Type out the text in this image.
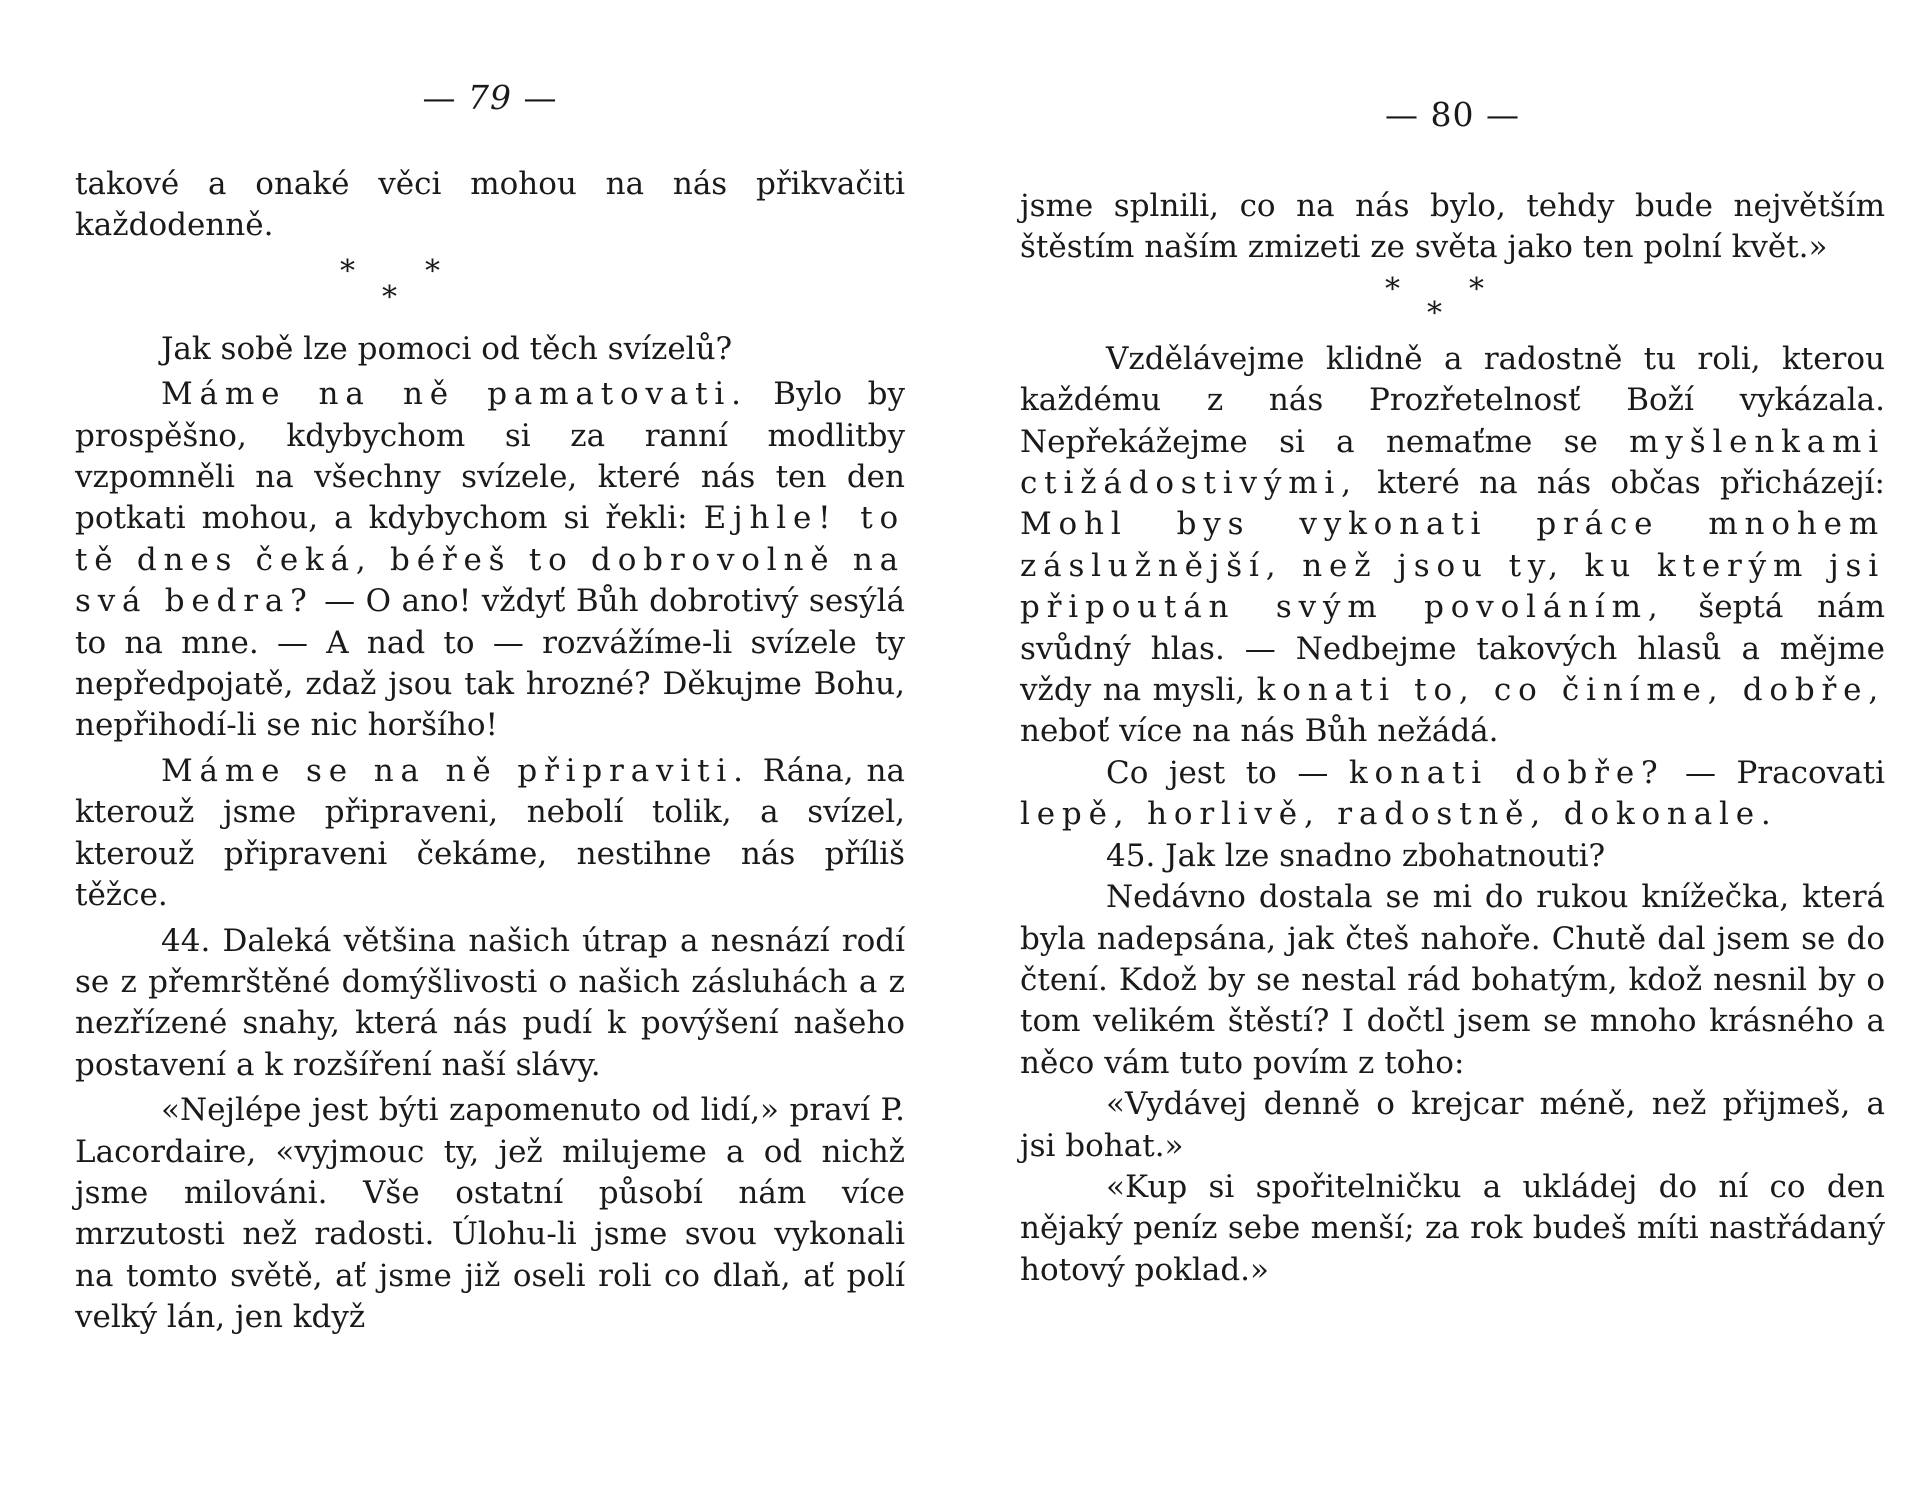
— 79 —

takové a onaké věci mohou na nás přikvačiti každodenně.

*
*
*

Jak sobě lze pomoci od těch svízelů?

Máme na ně pamatovati. Bylo by prospěšno, kdybychom si za ranní modlitby vzpomněli na všechny svízele, které nás ten den potkati mohou, a kdybychom si řekli: Ejhle! to tě dnes čeká, béřeš to dobrovolně na svá bedra? — O ano! vždyť Bůh dobrotivý sesýlá to na mne. — A nad to — rozvážíme-li svízele ty nepředpojatě, zdaž jsou tak hrozné? Děkujme Bohu, nepřihodí-li se nic horšího!

Máme se na ně připraviti. Rána, na kterouž jsme připraveni, nebolí tolik, a svízel, kterouž připraveni čekáme, nestihne nás příliš těžce.

44. Daleká většina našich útrap a nesnází rodí se z přemrštěné domýšlivosti o našich zásluhách a z nezřízené snahy, která nás pudí k povýšení našeho postavení a k rozšíření naší slávy.

«Nejlépe jest býti zapomenuto od lidí,» praví P. Lacordaire, «vyjmouc ty, jež milujeme a od nichž jsme milováni. Vše ostatní působí nám více mrzutosti než radosti. Úlohu-li jsme svou vykonali na tomto světě, ať jsme již oseli roli co dlaň, ať polí velký lán, jen když

— 80 —

jsme splnili, co na nás bylo, tehdy bude největším štěstím naším zmizeti ze světa jako ten polní květ.»

*
*
*

Vzdělávejme klidně a radostně tu roli, kterou každému z nás Prozřetelnosť Boží vykázala. Nepřekážejme si a nemaťme se myšlenkami ctižádostivými, které na nás občas přicházejí: Mohl bys vykonati práce mnohem záslužnější, než jsou ty, ku kterým jsi připoután svým povoláním, šeptá nám svůdný hlas. — Nedbejme takových hlasů a mějme vždy na mysli, konati to, co činíme, dobře, neboť více na nás Bůh nežádá.

Co jest to — konati dobře? — Pracovati lepě, horlivě, radostně, dokonale.

45. Jak lze snadno zbohatnouti?

Nedávno dostala se mi do rukou knížečka, která byla nadepsána, jak čteš nahoře. Chutě dal jsem se do čtení. Kdož by se nestal rád bohatým, kdož nesnil by o tom velikém štěstí? I dočtl jsem se mnoho krásného a něco vám tuto povím z toho:

«Vydávej denně o krejcar méně, než přijmeš, a jsi bohat.»

«Kup si spořitelničku a ukládej do ní co den nějaký peníz sebe menší; za rok budeš míti nastřádaný hotový poklad.»
